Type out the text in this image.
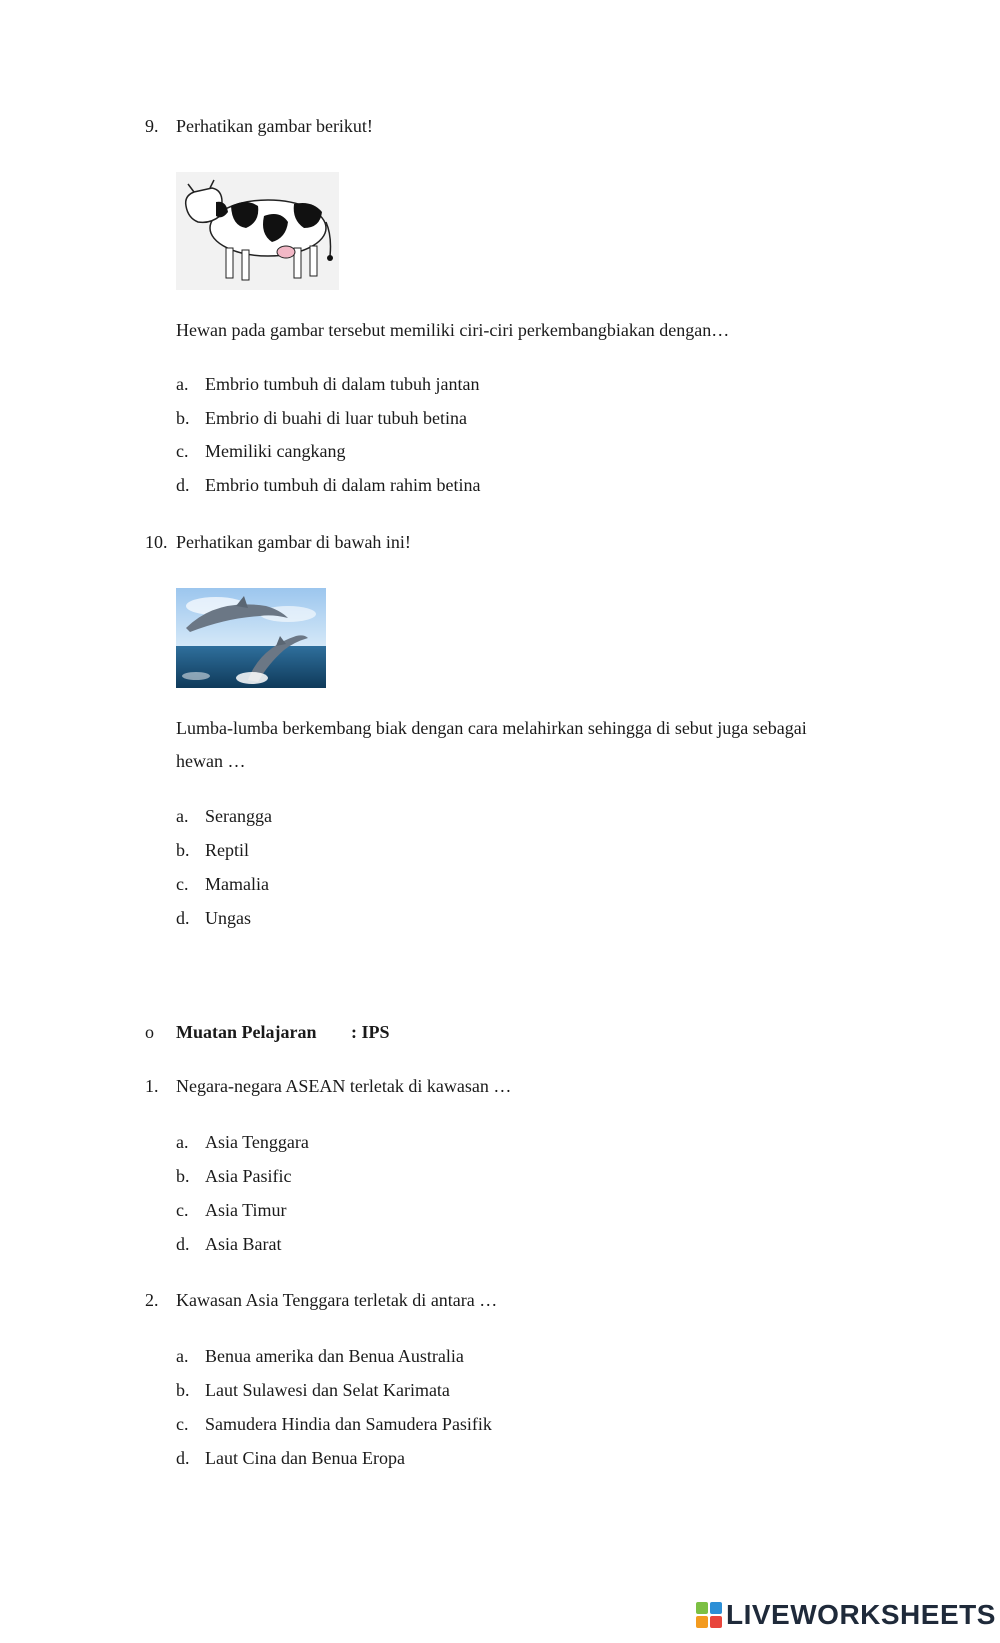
9. Perhatikan gambar berikut!
Hewan pada gambar tersebut memiliki ciri-ciri perkembangbiakan dengan…
a. Embrio tumbuh di dalam tubuh jantan
b. Embrio di buahi di luar tubuh betina
c. Memiliki cangkang
d. Embrio tumbuh di dalam rahim betina
10. Perhatikan gambar di bawah ini!
Lumba-lumba berkembang biak dengan cara melahirkan sehingga di sebut juga sebagai
hewan …
a. Serangga
b. Reptil
c. Mamalia
d. Ungas
o Muatan Pelajaran : IPS
1. Negara-negara ASEAN terletak di kawasan …
a. Asia Tenggara
b. Asia Pasific
c. Asia Timur
d. Asia Barat
2. Kawasan Asia Tenggara terletak di antara …
a. Benua amerika dan Benua Australia
b. Laut Sulawesi dan Selat Karimata
c. Samudera Hindia dan Samudera Pasifik
d. Laut Cina dan Benua Eropa
LIVEWORKSHEETS
